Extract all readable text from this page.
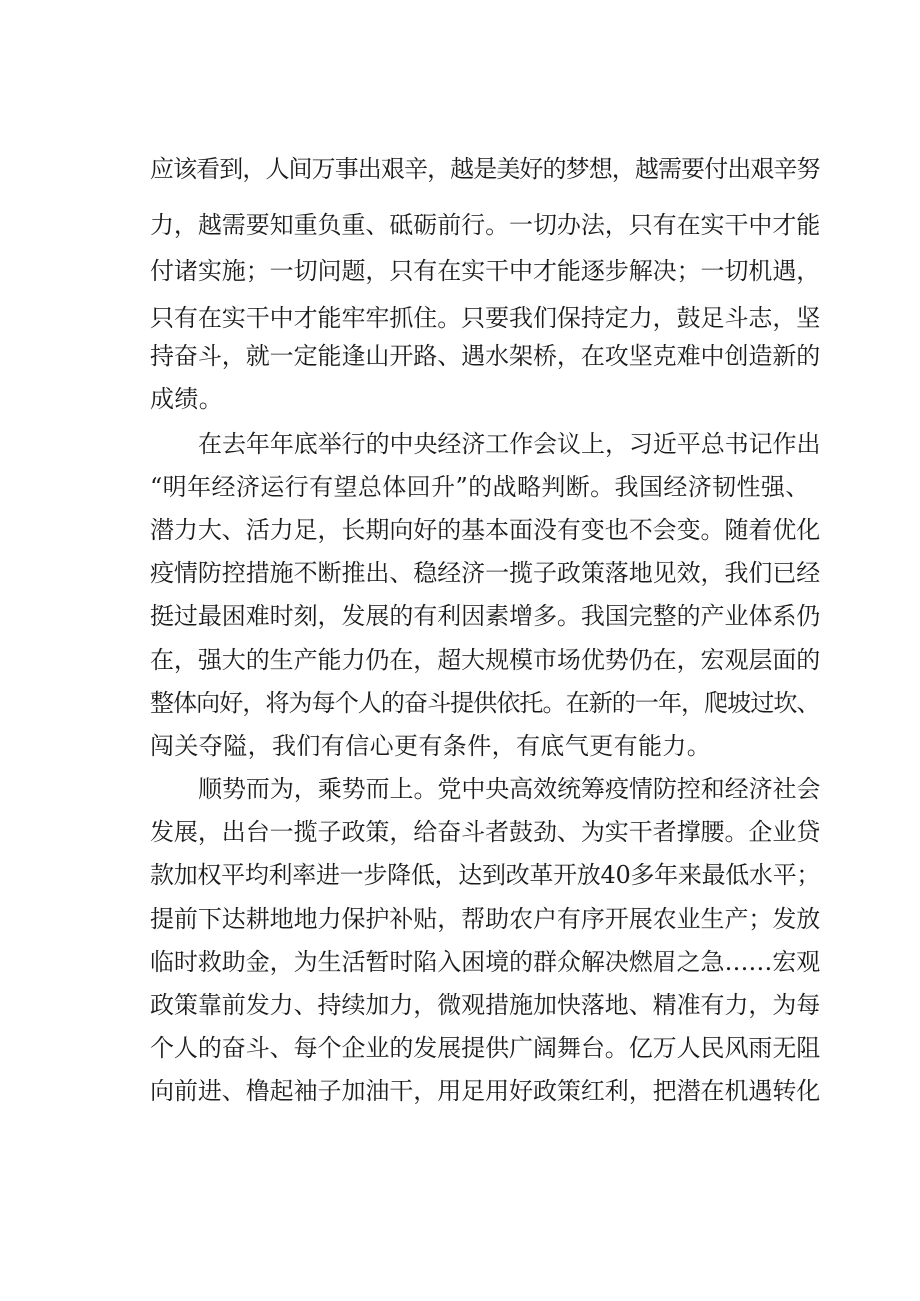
应该看到，人间万事出艰辛，越是美好的梦想，越需要付出艰辛努
力，越需要知重负重、砥砺前行。一切办法，只有在实干中才能
付诸实施；一切问题，只有在实干中才能逐步解决；一切机遇，
只有在实干中才能牢牢抓住。只要我们保持定力，鼓足斗志，坚
持奋斗，就一定能逢山开路、遇水架桥，在攻坚克难中创造新的
成绩。
在去年年底举行的中央经济工作会议上，习近平总书记作出
“明年经济运行有望总体回升”的战略判断。我国经济韧性强、
潜力大、活力足，长期向好的基本面没有变也不会变。随着优化
疫情防控措施不断推出、稳经济一揽子政策落地见效，我们已经
挺过最困难时刻，发展的有利因素增多。我国完整的产业体系仍
在，强大的生产能力仍在，超大规模市场优势仍在，宏观层面的
整体向好，将为每个人的奋斗提供依托。在新的一年，爬坡过坎、
闯关夺隘，我们有信心更有条件，有底气更有能力。
顺势而为，乘势而上。党中央高效统筹疫情防控和经济社会
发展，出台一揽子政策，给奋斗者鼓劲、为实干者撑腰。企业贷
款加权平均利率进一步降低，达到改革开放40多年来最低水平；
提前下达耕地地力保护补贴，帮助农户有序开展农业生产；发放
临时救助金，为生活暂时陷入困境的群众解决燃眉之急……宏观
政策靠前发力、持续加力，微观措施加快落地、精准有力，为每
个人的奋斗、每个企业的发展提供广阔舞台。亿万人民风雨无阻
向前进、橹起袖子加油干，用足用好政策红利，把潜在机遇转化
